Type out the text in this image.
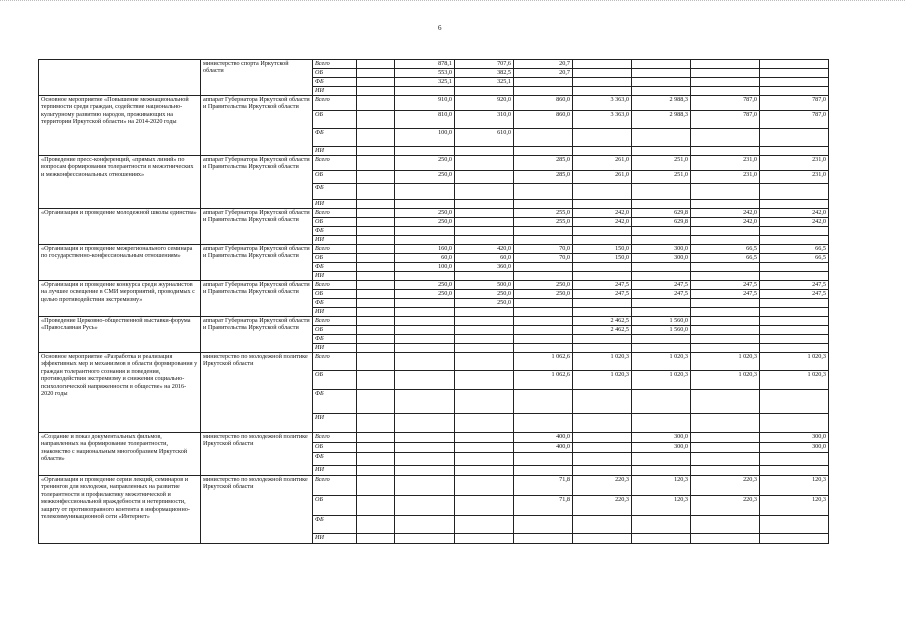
6
	министерство спорта Иркутской области	Всего		878,1	707,6	20,7				
		ОБ		553,0	382,5	20,7				
		ФБ		325,1	325,1					
		ИИ								
Основное мероприятие «Повышение межнациональной терпимости среди граждан, содействие национально-культурному развитию народов, проживающих на территории Иркутской области» на 2014-2020 годы	аппарат Губернатора Иркутской области и Правительства Иркутской области	Всего		910,0	920,0	860,0	3 363,0	2 988,3	787,0	787,0
		ОБ		810,0	310,0	860,0	3 363,0	2 988,3	787,0	787,0
		ФБ		100,0	610,0					
		ИИ								
«Проведение пресс-конференций, «прямых линий» по вопросам формирования толерантности в межэтнических и межконфессиональных отношениях»	аппарат Губернатора Иркутской области и Правительства Иркутской области	Всего		250,0		285,0	261,0	251,0	231,0	231,0
		ОБ		250,0		285,0	261,0	251,0	231,0	231,0
		ФБ								
		ИИ								
«Организация и проведение молодежной школы единства»	аппарат Губернатора Иркутской области и Правительства Иркутской области	Всего		250,0		255,0	242,0	629,8	242,0	242,0
		ОБ		250,0		255,0	242,0	629,8	242,0	242,0
		ФБ								
		ИИ								
«Организация и проведение межрегионального семинара по государственно-конфессиональным отношениям»	аппарат Губернатора Иркутской области и Правительства Иркутской области	Всего		160,0	420,0	70,0	150,0	300,0	66,5	66,5
		ОБ		60,0	60,0	70,0	150,0	300,0	66,5	66,5
		ФБ		100,0	360,0					
		ИИ								
«Организация и проведение конкурса среди журналистов на лучшее освещение в СМИ мероприятий, проводимых с целью противодействия экстремизму»	аппарат Губернатора Иркутской области и Правительства Иркутской области	Всего		250,0	500,0	250,0	247,5	247,5	247,5	247,5
		ОБ		250,0	250,0	250,0	247,5	247,5	247,5	247,5
		ФБ			250,0					
		ИИ								
«Проведение Церковно-общественной выставки-форума «Православная Русь»	аппарат Губернатора Иркутской области и Правительства Иркутской области	Всего					2 462,5	1 560,0		
		ОБ					2 462,5	1 560,0		
		ФБ								
		ИИ								
Основное мероприятие «Разработка и реализация эффективных мер и механизмов в области формирования у граждан толерантного сознания и поведения, противодействия экстремизму и снижения социально-психологической напряженности в обществе» на 2016-2020 годы	министерство по молодежной политике Иркутской области	Всего				1 062,6	1 020,3	1 020,3	1 020,3	1 020,3
		ОБ				1 062,6	1 020,3	1 020,3	1 020,3	1 020,3
		ФБ								
		ИИ								
«Создание и показ документальных фильмов, направленных на формирование толерантности, знакомство с национальным многообразием Иркутской области»	министерство по молодежной политике Иркутской области	Всего				400,0		300,0		300,0
		ОБ				400,0		300,0		300,0
		ФБ								
		ИИ								
«Организация и проведение серии лекций, семинаров и тренингов для молодежи, направленных на развитие толерантности и профилактику межэтнической и межконфессиональной враждебности и нетерпимости, защиту от противоправного контента в информационно-телекоммуникационной сети «Интернет»	министерство по молодежной политике Иркутской области	Всего				71,8	220,3	120,3	220,3	120,3
		ОБ				71,8	220,3	120,3	220,3	120,3
		ФБ								
		ИИ								
